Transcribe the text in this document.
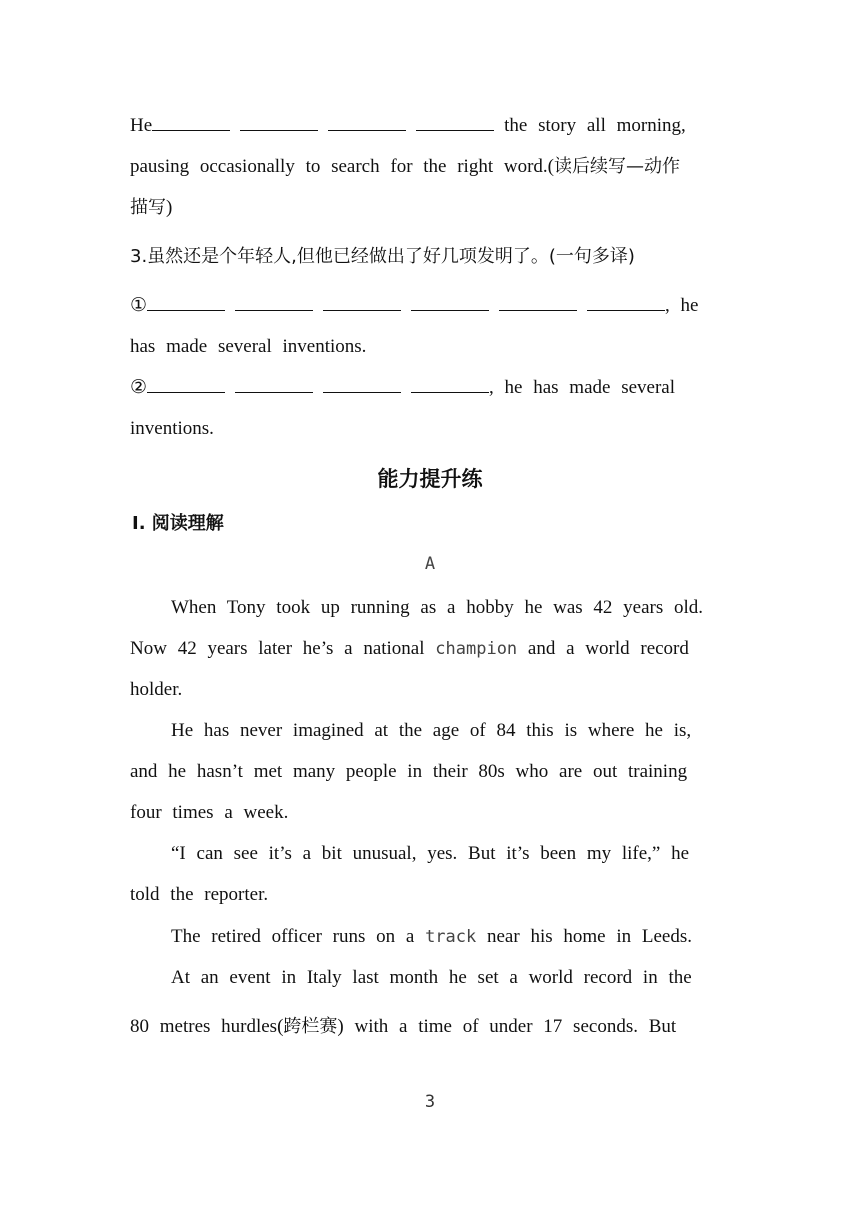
He	the story all morning,
pausing occasionally to search for the right word.(读后续写—动作
描写)
3.虽然还是个年轻人,但他已经做出了好几项发明了。(一句多译)
①	, he
has made several inventions.
②	, he has made several
inventions.
能力提升练
Ⅰ. 阅读理解
A
When Tony took up running as a hobby he was 42 years old.
Now 42 years later he’s a national champion and a world record
holder.
He has never imagined at the age of 84 this is where he is,
and he hasn’t met many people in their 80s who are out training
four times a week.
“I can see it’s a bit unusual, yes. But it’s been my life,” he
told the reporter.
The retired officer runs on a track near his home in Leeds.
At an event in Italy last month he set a world record in the
80 metres hurdles(跨栏赛) with a time of under 17 seconds. But
3
